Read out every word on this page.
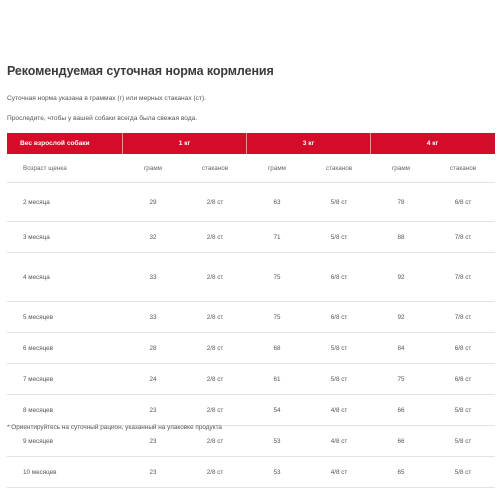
Рекомендуемая суточная норма кормления
Суточная норма указана в граммах (г) или мерных стаканах (ст).
Проследите, чтобы у вашей собаки всегда была свежая вода.
Вес взрослой собаки	1 кг	3 кг	4 кг
Возраст щенка	грамм	стаканов	грамм	стаканов	грамм	стаканов
2 месяца	29	2/8 ст	63	5/8 ст	78	6/8 ст
3 месяца	32	2/8 ст	71	5/8 ст	88	7/8 ст
4 месяца	33	2/8 ст	75	6/8 ст	92	7/8 ст
5 месяцев	33	2/8 ст	75	6/8 ст	92	7/8 ст
6 месяцев	28	2/8 ст	68	5/8 ст	84	6/8 ст
7 месяцев	24	2/8 ст	61	5/8 ст	75	6/8 ст
8 месяцев	23	2/8 ст	54	4/8 ст	66	5/8 ст
9 месяцев	23	2/8 ст	53	4/8 ст	66	5/8 ст
10 месяцев	23	2/8 ст	53	4/8 ст	65	5/8 ст
* Ориентируйтесь на суточный рацион, указанный на упаковке продукта
